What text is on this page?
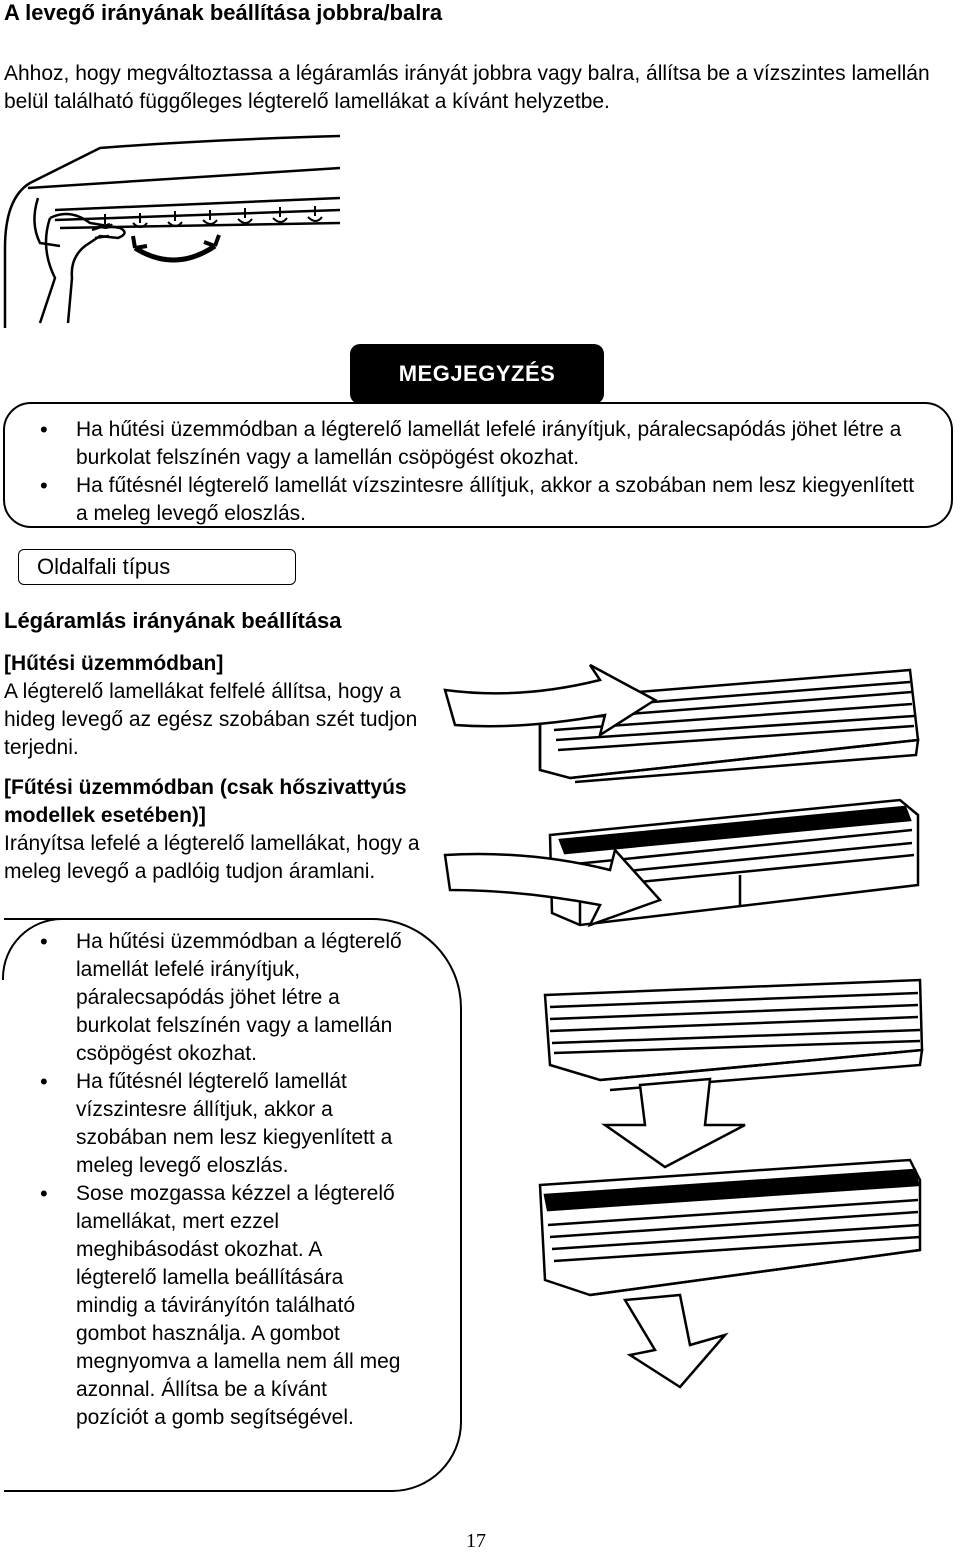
A levegő irányának beállítása jobbra/balra
Ahhoz, hogy megváltoztassa a légáramlás irányát jobbra vagy balra, állítsa be a vízszintes lamellán belül található függőleges légterelő lamellákat a kívánt helyzetbe.
MEGJEGYZÉS
• Ha hűtési üzemmódban a légterelő lamellát lefelé irányítjuk, páralecsapódás jöhet létre a burkolat felszínén vagy a lamellán csöpögést okozhat.
• Ha fűtésnél légterelő lamellát vízszintesre állítjuk, akkor a szobában nem lesz kiegyenlített a meleg levegő eloszlás.
Oldalfali típus
Légáramlás irányának beállítása
[Hűtési üzemmódban]
A légterelő lamellákat felfelé állítsa, hogy a hideg levegő az egész szobában szét tudjon terjedni.
[Fűtési üzemmódban (csak hőszivattyús modellek esetében)]
Irányítsa lefelé a légterelő lamellákat, hogy a meleg levegő a padlóig tudjon áramlani.
• Ha hűtési üzemmódban a légterelő lamellát lefelé irányítjuk, páralecsapódás jöhet létre a burkolat felszínén vagy a lamellán csöpögést okozhat.
• Ha fűtésnél légterelő lamellát vízszintesre állítjuk, akkor a szobában nem lesz kiegyenlített a meleg levegő eloszlás.
• Sose mozgassa kézzel a légterelő lamellákat, mert ezzel meghibásodást okozhat. A légterelő lamella beállítására mindig a távirányítón található gombot használja. A gombot megnyomva a lamella nem áll meg azonnal. Állítsa be a kívánt pozíciót a gomb segítségével.
17
